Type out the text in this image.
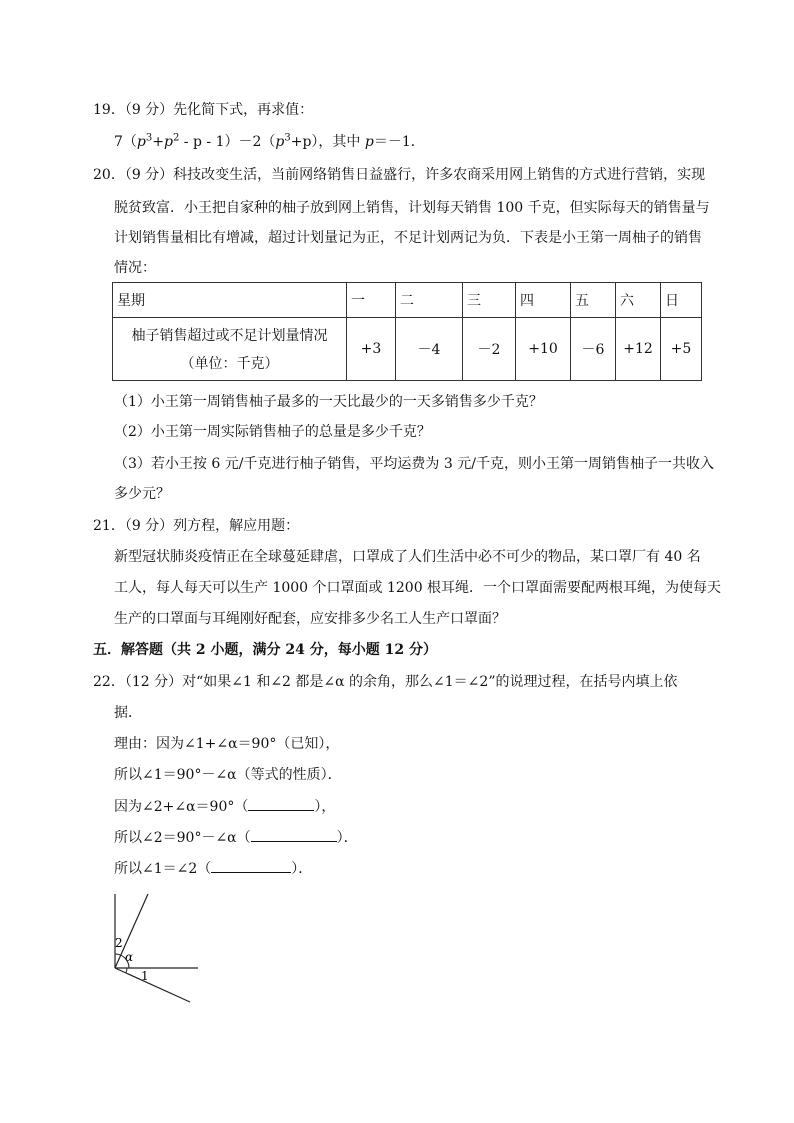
19．（9 分）先化简下式，再求值：
$7(p^3+p^2 - p - 1)-2(p^3+p)$，其中 p＝－1．
20．（9 分）科技改变生活，当前网络销售日益盛行，许多农商采用网上销售的方式进行营销，实现
脱贫致富．小王把自家种的柚子放到网上销售，计划每天销售 100 千克，但实际每天的销售量与
计划销售量相比有增减，超过计划量记为正，不足计划两记为负．下表是小王第一周柚子的销售
情况：
星期	一	二	三	四	五	六	日

柚子销售超过或不足计划量情况
（单位：千克）	+3	－4	－2	+10	－6	+12	+5
（1）小王第一周销售柚子最多的一天比最少的一天多销售多少千克？
（2）小王第一周实际销售柚子的总量是多少千克？
（3）若小王按 6 元/千克进行柚子销售，平均运费为 3 元/千克，则小王第一周销售柚子一共收入
多少元？
21．（9 分）列方程，解应用题：
新型冠状肺炎疫情正在全球蔓延肆虐，口罩成了人们生活中必不可少的物品，某口罩厂有 40 名
工人，每人每天可以生产 1000 个口罩面或 1200 根耳绳．一个口罩面需要配两根耳绳，为使每天
生产的口罩面与耳绳刚好配套，应安排多少名工人生产口罩面？
五．解答题（共 2 小题，满分 24 分，每小题 12 分）
22．（12 分）对“如果∠1 和∠2 都是∠α 的余角，那么∠1＝∠2”的说理过程，在括号内填上依
据．
理由：因为∠1+∠α＝90°（已知），
所以∠1＝90°－∠α（等式的性质）．
因为∠2+∠α＝90°（	），
所以∠2＝90°－∠α（	）．
所以∠1＝∠2（	）．
2
α
1
